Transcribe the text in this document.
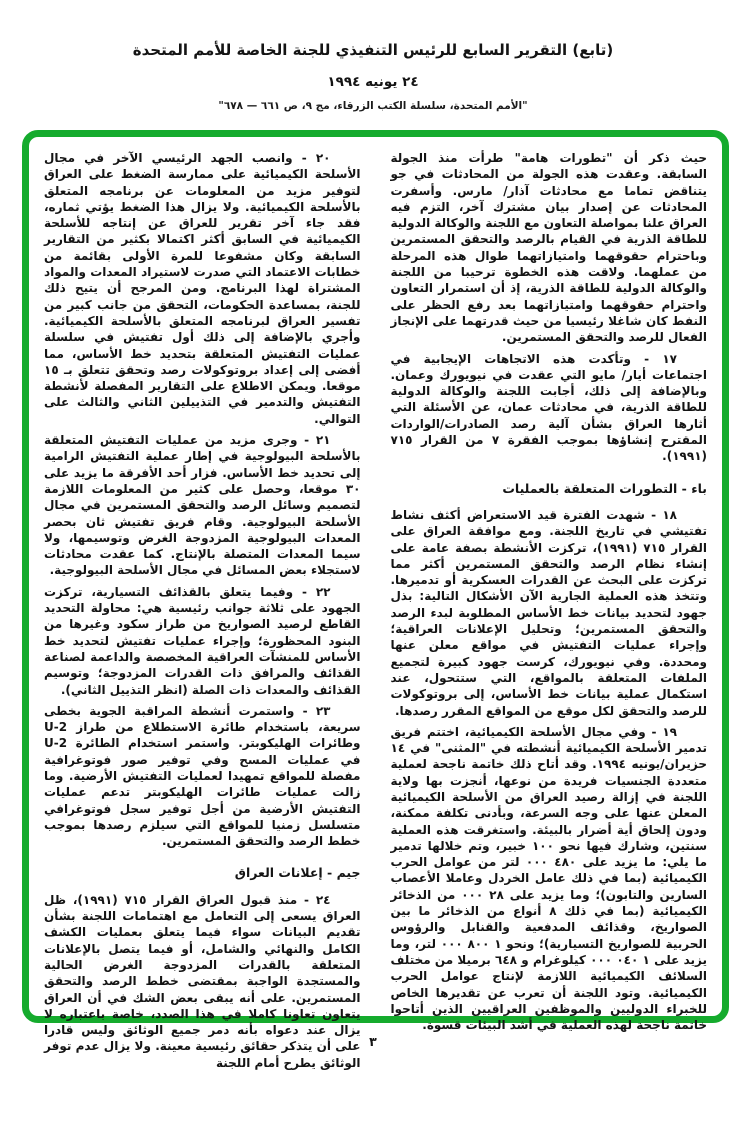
(تابع) التقرير السابع للرئيس التنفيذي للجنة الخاصة للأمم المتحدة
٢٤ يونيه ١٩٩٤
"الأمم المتحدة، سلسلة الكتب الزرقاء، مج ٩، ص ٦٦١ — ٦٧٨"
حيث ذكر أن "تطورات هامة" طرأت منذ الجولة السابقة. وعقدت هذه الجولة من المحادثات في جو يتناقض تماما مع محادثات آذار/ مارس. وأسفرت المحادثات عن إصدار بيان مشترك آخر، التزم فيه العراق علنا بمواصلة التعاون مع اللجنة والوكالة الدولية للطاقة الذرية في القيام بالرصد والتحقق المستمرين وباحترام حقوقهما وامتيازاتهما طوال هذه المرحلة من عملهما. ولاقت هذه الخطوة ترحيبا من اللجنة والوكالة الدولية للطاقة الذرية، إذ أن استمرار التعاون واحترام حقوقهما وامتيازاتهما بعد رفع الحظر على النفط كان شاغلا رئيسيا من حيث قدرتهما على الإنجاز الفعال للرصد والتحقق المستمرين.
١٧ - وتأكدت هذه الاتجاهات الإيجابية في اجتماعات أيار/ مايو التي عقدت في نيويورك وعمان. وبالإضافة إلى ذلك، أجابت اللجنة والوكالة الدولية للطاقة الذرية، في محادثات عمان، عن الأسئلة التي أثارها العراق بشأن آلية رصد الصادرات/الواردات المقترح إنشاؤها بموجب الفقرة ٧ من القرار ٧١٥ (١٩٩١).
باء - التطورات المتعلقة بالعمليات
١٨ - شهدت الفترة قيد الاستعراض أكثف نشاط تفتيشي في تاريخ اللجنة. ومع موافقة العراق على القرار ٧١٥ (١٩٩١)، تركزت الأنشطة بصفة عامة على إنشاء نظام الرصد والتحقق المستمرين أكثر مما تركزت على البحث عن القدرات العسكرية أو تدميرها. وتتخذ هذه العملية الجارية الآن الأشكال التالية: بذل جهود لتحديد بيانات خط الأساس المطلوبة لبدء الرصد والتحقق المستمرين؛ وتحليل الإعلانات العراقية؛ وإجراء عمليات التفتيش في مواقع معلن عنها ومحددة. وفي نيويورك، كرست جهود كبيرة لتجميع الملفات المتعلقة بالمواقع، التي ستتحول، عند استكمال عملية بيانات خط الأساس، إلى بروتوكولات للرصد والتحقق لكل موقع من المواقع المقرر رصدها.
١٩ - وفي مجال الأسلحة الكيميائية، اختتم فريق تدمير الأسلحة الكيميائية أنشطته في "المثنى" في ١٤ حزيران/يونيه ١٩٩٤. وقد أتاح ذلك خاتمة ناجحة لعملية متعددة الجنسيات فريدة من نوعها، أنجزت بها ولاية اللجنة في إزالة رصيد العراق من الأسلحة الكيميائية المعلن عنها على وجه السرعة، وبأدنى تكلفة ممكنة، ودون إلحاق أية أضرار بالبيئة. واستغرقت هذه العملية سنتين، وشارك فيها نحو ١٠٠ خبير، وتم خلالها تدمير ما يلي: ما يزيد على ٤٨٠ ٠٠٠ لتر من عوامل الحرب الكيميائية (بما في ذلك عامل الخردل وعاملا الأعصاب السارين والتابون)؛ وما يزيد على ٢٨ ٠٠٠ من الذخائر الكيميائية (بما في ذلك ٨ أنواع من الذخائر ما بين الصواريخ، وقذائف المدفعية والقنابل والرؤوس الحربية للصواريخ التسيارية)؛ ونحو ١ ٨٠٠ ٠٠٠ لتر، وما يزيد على ١ ٠٤٠ ٠٠٠ كيلوغرام و ٦٤٨ برميلا من مختلف السلائف الكيميائية اللازمة لإنتاج عوامل الحرب الكيميائية. وتود اللجنة أن تعرب عن تقديرها الخاص للخبراء الدوليين والموظفين العراقيين الذين أتاحوا خاتمة ناجحة لهذه العملية في أشد البيئات قسوة.
٢٠ - وانصب الجهد الرئيسي الآخر في مجال الأسلحة الكيميائية على ممارسة الضغط على العراق لتوفير مزيد من المعلومات عن برنامجه المتعلق بالأسلحة الكيميائية. ولا يزال هذا الضغط يؤتي ثماره، فقد جاء آخر تقرير للعراق عن إنتاجه للأسلحة الكيميائية في السابق أكثر اكتمالا بكثير من التقارير السابقة وكان مشفوعا للمرة الأولى بقائمة من خطابات الاعتماد التي صدرت لاستيراد المعدات والمواد المشتراة لهذا البرنامج. ومن المرجح أن يتيح ذلك للجنة، بمساعدة الحكومات، التحقق من جانب كبير من تفسير العراق لبرنامجه المتعلق بالأسلحة الكيميائية. وأجري بالإضافة إلى ذلك أول تفتيش في سلسلة عمليات التفتيش المتعلقة بتحديد خط الأساس، مما أفضى إلى إعداد بروتوكولات رصد وتحقق تتعلق بـ ١٥ موقعا. ويمكن الاطلاع على التقارير المفصلة لأنشطة التفتيش والتدمير في التذييلين الثاني والثالث على التوالي.
٢١ - وجرى مزيد من عمليات التفتيش المتعلقة بالأسلحة البيولوجية في إطار عملية التفتيش الرامية إلى تحديد خط الأساس. فزار أحد الأفرقة ما يزيد على ٣٠ موقعا، وحصل على كثير من المعلومات اللازمة لتصميم وسائل الرصد والتحقق المستمرين في مجال الأسلحة البيولوجية. وقام فريق تفتيش ثان بحصر المعدات البيولوجية المزدوجة الغرض وتوسيمها، ولا سيما المعدات المتصلة بالإنتاج. كما عقدت محادثات لاستجلاء بعض المسائل في مجال الأسلحة البيولوجية.
٢٢ - وفيما يتعلق بالقذائف التسيارية، تركزت الجهود على ثلاثة جوانب رئيسية هي: محاولة التحديد القاطع لرصيد الصواريخ من طراز سكود وغيرها من البنود المحظورة؛ وإجراء عمليات تفتيش لتحديد خط الأساس للمنشآت العراقية المخصصة والداعمة لصناعة القذائف والمرافق ذات القدرات المزدوجة؛ وتوسيم القذائف والمعدات ذات الصلة (انظر التذييل الثاني).
٢٣ - واستمرت أنشطة المراقبة الجوية بخطى سريعة، باستخدام طائرة الاستطلاع من طراز U-2 وطائرات الهليكوبتر. واستمر استخدام الطائرة U-2 في عمليات المسح وفي توفير صور فوتوغرافية مفصلة للمواقع تمهيدا لعمليات التفتيش الأرضية. وما زالت عمليات طائرات الهليكوبتر تدعم عمليات التفتيش الأرضية من أجل توفير سجل فوتوغرافي متسلسل زمنيا للمواقع التي سيلزم رصدها بموجب خطط الرصد والتحقق المستمرين.
جيم - إعلانات العراق
٢٤ - منذ قبول العراق القرار ٧١٥ (١٩٩١)، ظل العراق يسعى إلى التعامل مع اهتمامات اللجنة بشأن تقديم البيانات سواء فيما يتعلق بعمليات الكشف الكامل والنهائي والشامل، أو فيما يتصل بالإعلانات المتعلقة بالقدرات المزدوجة الغرض الحالية والمستجدة الواجبة بمقتضى خطط الرصد والتحقق المستمرين. على أنه يبقى بعض الشك في أن العراق يتعاون تعاونا كاملا في هذا الصدد، خاصة باعتباره لا يزال عند دعواه بأنه دمر جميع الوثائق وليس قادرا على أن يتذكر حقائق رئيسية معينة. ولا يزال عدم توفر الوثائق يطرح أمام اللجنة
٣
